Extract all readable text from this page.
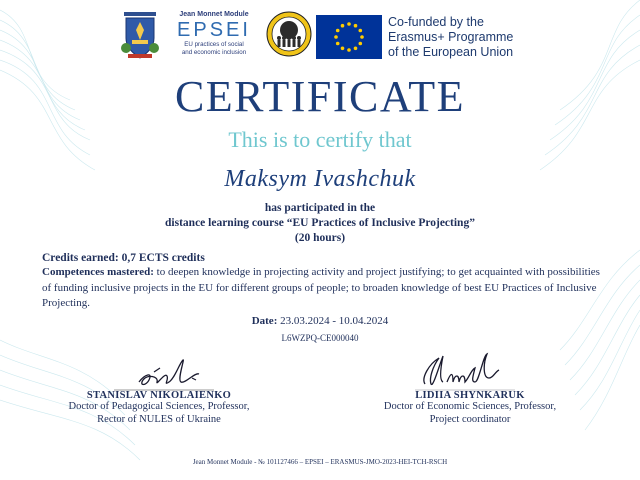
Jean Monnet Module
EPSEI
EU practices of social
and economic inclusion
Co-funded by the
Erasmus+ Programme
of the European Union
CERTIFICATE
This is to certify that
Maksym Ivashchuk
has participated in the
distance learning course “EU Practices of Inclusive Projecting”
(20 hours)
Credits earned: 0,7 ECTS credits
Competences mastered: to deepen knowledge in projecting activity and project justifying; to get acquainted with possibilities of funding inclusive projects in the EU for different groups of people; to broaden knowledge of best EU Practices of Inclusive Projecting.
Date: 23.03.2024 - 10.04.2024
L6WZPQ-CE000040
STANISLAV NIKOLAIENKO
Doctor of Pedagogical Sciences, Professor,
Rector of NULES of Ukraine
LIDIIA SHYNKARUK
Doctor of Economic Sciences, Professor,
Project coordinator
Jean Monnet Module - № 101127466 – EPSEI – ERASMUS-JMO-2023-HEI-TCH-RSCH
